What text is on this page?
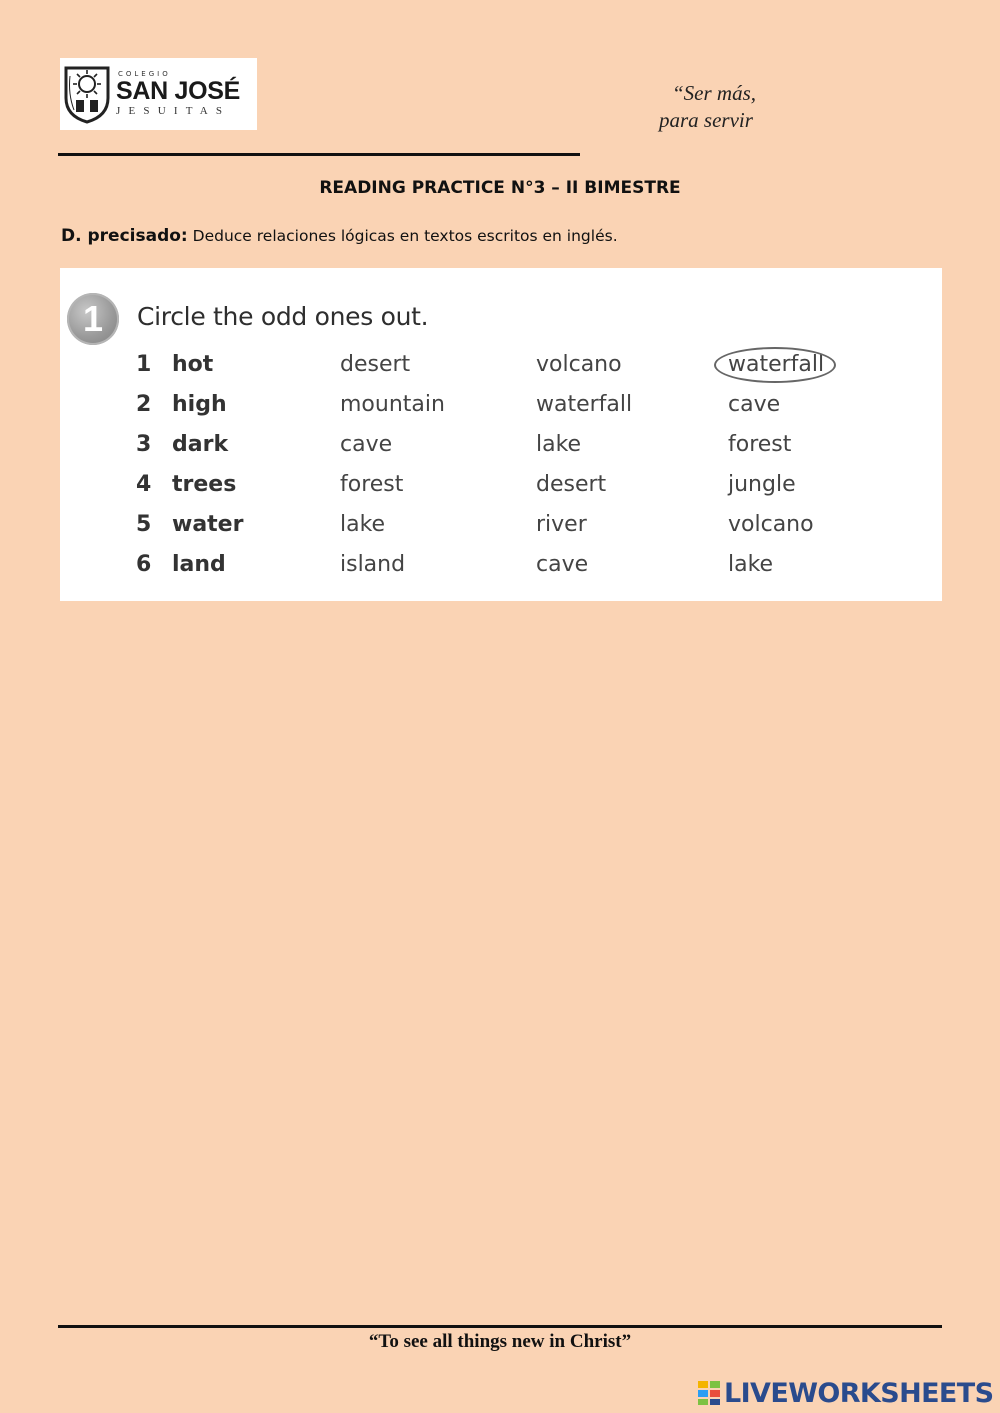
COLEGIO
SAN JOSÉ
JESUITAS
“Ser más,
para servir
READING PRACTICE N°3 – II BIMESTRE
D. precisado: Deduce relaciones lógicas en textos escritos en inglés.
1	Circle the odd ones out.
1 hot	desert	volcano	waterfall
2 high	mountain	waterfall	cave
3 dark	cave	lake	forest
4 trees	forest	desert	jungle
5 water	lake	river	volcano
6 land	island	cave	lake
“To see all things new in Christ”
LIVEWORKSHEETS
